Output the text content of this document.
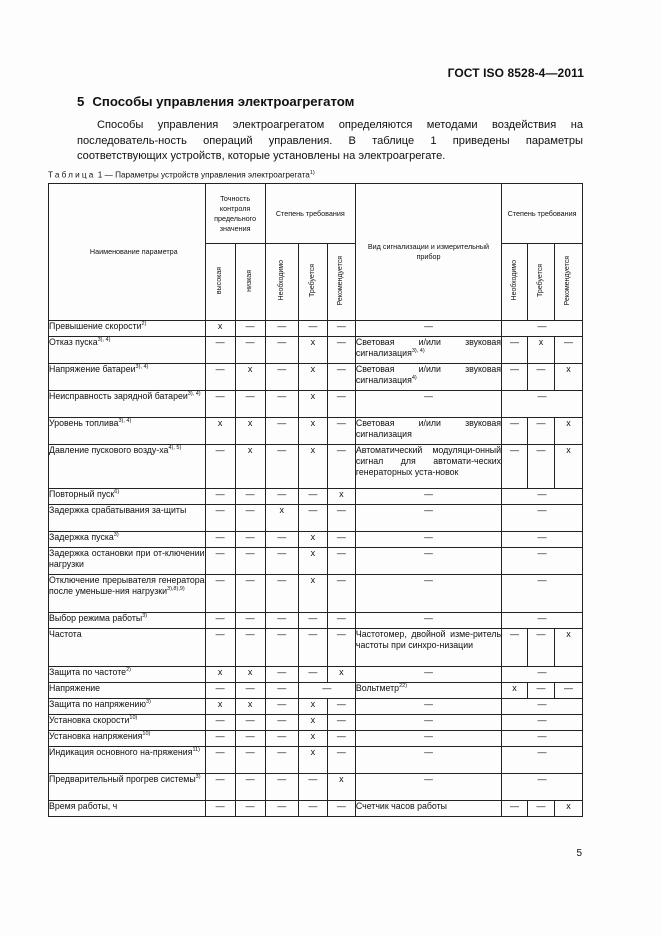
ГОСТ ISO 8528-4—2011
5 Способы управления электроагрегатом

Способы управления электроагрегатом определяются методами воздействия на последователь-ность операций управления. В таблице 1 приведены параметры соответствующих устройств, которые установлены на электроагрегате.

Таблица 1 — Параметры устройств управления электроагрегата$^{1)}$
Наименование параметра	Точность контроля предельного значения		Степень требования			Вид сигнализации и измерительный прибор	Степень требования		
	высокая	низкая	Необходимо	Требуется	Рекомендуется		Необходимо	Требуется	Рекомендуется
Превышение скорости$^{2)}$	x	—	—	—	—	—	—		
Отказ пуска$^{3), 4)}$	—	—	—	x	—	Световая и/или звуковая сигнализация$^{3), 4)}$	—	x	—
Напряжение батареи$^{3), 4)}$	—	x	—	x	—	Световая и/или звуковая сигнализация$^{4)}$	—	—	x
Неисправность зарядной батареи$^{3), 4)}$	—	—	—	x	—	—	—		
Уровень топлива$^{3), 4)}$	x	x	—	x	—	Световая и/или звуковая сигнализация	—	—	x
Давление пускового возду-$ха^{4), 5)}$	—	x	—	x	—	Автоматический модуляци-онный сигнал для автомати-ческих генераторных уста-новок	—	—	x
Повторный пуск$^{6)}$	—	—	—	—	x	—	—		
Задержка срабатывания за-щиты	—	—	x	—	—	—	—		
Задержка пуска$^{3)}$	—	—	—	x	—	—	—		
Задержка остановки при от-ключении нагрузки	—	—	—	x	—	—	—		
Отключение прерывателя генератора после уменьше-ния нагрузки$^{3),8),9)}$	—	—	—	x	—	—	—		
Выбор режима работы$^{3)}$	—	—	—	—	—	—	—		
Частота	—	—	—	—	—	Частотомер, двойной изме-ритель частоты при синхро-низации	—	—	x
Защита по частоте$^{2)}$	x	x	—	—	x	—	—		
Напряжение	—	—	—	—		Вольтметр$^{22)}$	x	—	—
Защита по напряжению$^{3)}$	x	x	—	x	—	—	—		
Установка скорости$^{10)}$	—	—	—	x	—	—	—		
Установка напряжения$^{10)}$	—	—	—	x	—	—	—		
Индикация основного на-пряжения$^{11)}$	—	—	—	x	—	—	—		
Предварительный прогрев системы$^{3)}$	—	—	—	—	x	—	—		
Время работы, ч	—	—	—	—	—	Счетчик часов работы	—	—	x
5
